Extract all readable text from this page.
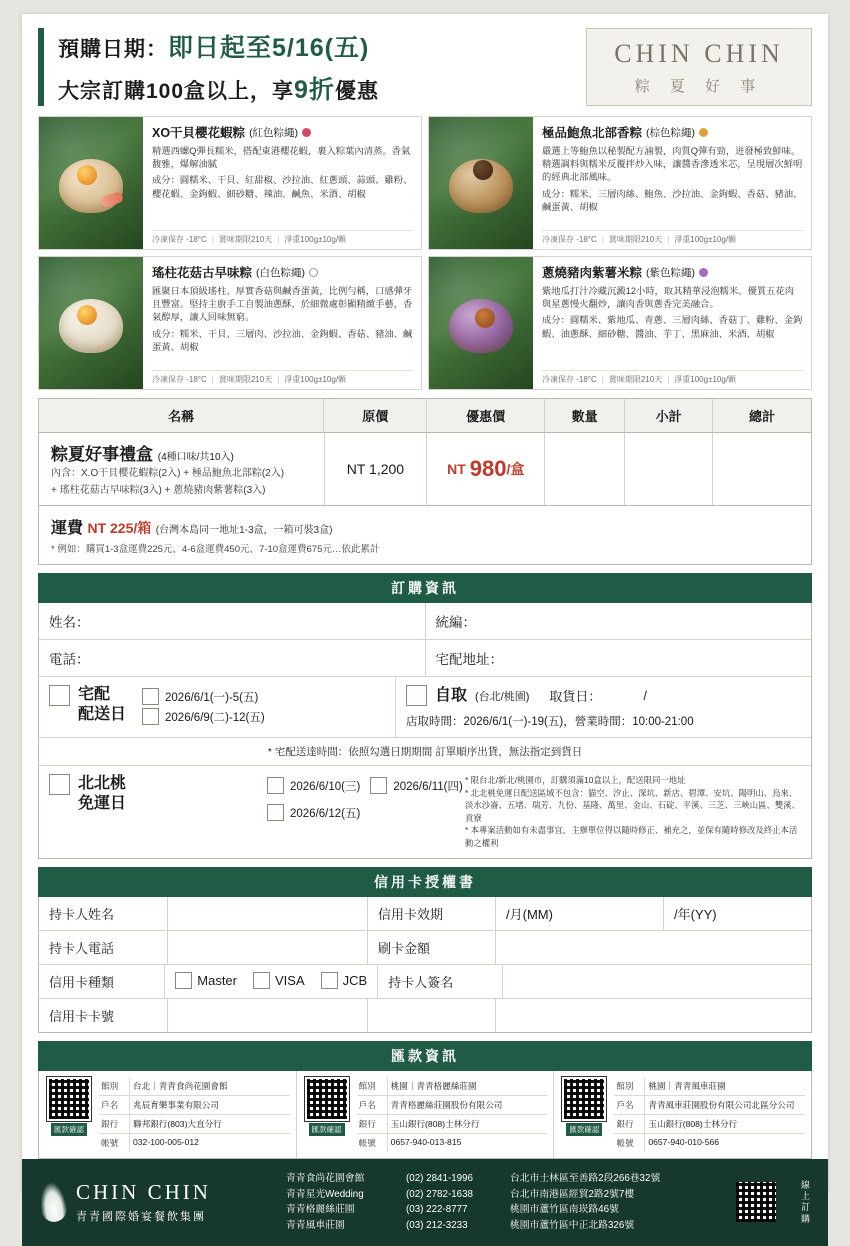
預購日期：即日起至5/16(五)
大宗訂購100盒以上，享9折優惠
CHIN CHIN
粽 夏 好 事
XO干貝櫻花蝦粽 (紅色粽繩)
精選西螺Q彈長糯米，搭配東港櫻花蝦，裹入粽葉內清蒸。香氣馥雅，爆解油膩
成分：圓糯米、干貝、紅甜椒、沙拉油、紅蔥頭、蒜頭、雞粉、櫻花蝦、金鉤蝦、細砂糖、辣油、鹹魚、米酒、胡椒
冷凍保存 -18°C | 賞味期限210天 | 淨重100g±10g/顆
極品鮑魚北部香粽 (棕色粽繩)
嚴選上等鮑魚以秘製配方滷製，肉質Q彈有勁，迸發極致鮮味。精選調料與糯米反覆拌炒入味，讓醬香滲透米芯，呈現層次鮮明的經典北部風味。
成分：糯米、三層肉絲、鮑魚、沙拉油、金鉤蝦、香菇、豬油、鹹蛋黃、胡椒
冷凍保存 -18°C | 賞味期限210天 | 淨重100g±10g/顆
瑤柱花菇古早味粽 (白色粽繩)
匯聚日本頂級瑤柱、厚實香菇與鹹香蛋黃，比例勻稱，口感彈牙且豐富。堅持主廚手工自製油蔥酥，於細微處彰顯精緻手藝，香氣醇厚，讓人回味無窮。
成分：糯米、干貝、三層肉、沙拉油、金鉤蝦、香菇、豬油、鹹蛋黃、胡椒
冷凍保存 -18°C | 賞味期限210天 | 淨重100g±10g/顆
蔥燒豬肉紫薯米粽 (紫色粽繩)
紫地瓜打汁冷藏沉澱12小時，取其精華浸泡糯米。優質五花肉與星蔥慢火翻炒，讓肉香與蔥香完美融合。
成分：圓糯米、紫地瓜、青蔥、三層肉絲、香菇丁、雞粉、金鉤蝦、油蔥酥、細砂糖、醬油、芋丁、黑麻油、米酒、胡椒
冷凍保存 -18°C | 賞味期限210天 | 淨重100g±10g/顆
名稱	原價	優惠價	數量	小計	總計
粽夏好事禮盒 (4種口味/共10入)
內含：X.O干貝櫻花蝦粽(2入) + 極品鮑魚北部粽(2入)
+ 瑤柱花菇古早味粽(3入) + 蔥燒豬肉紫薯粽(3入)
NT 1,200	NT
980 /盒
運費 NT 225/箱 (台灣本島同一地址1-3盒，一箱可裝3盒)
* 例如：購買1-3盒運費225元、4-6盒運費450元、7-10盒運費675元…依此累計
訂購資訊
姓名：	統編：
電話：	宅配地址：
宅配
配送日
2026/6/1(一)-5(五)
2026/6/9(二)-12(五)
自取 (台北/桃園) 取貨日：	/
店取時間：2026/6/1(一)-19(五)，營業時間：10:00-21:00
* 宅配送達時間：依照勾選日期期間 訂單順序出貨，無法指定到貨日
北北桃
免運日
2026/6/10(三)	2026/6/11(四)
2026/6/12(五)
* 限台北/新北/桃園市，訂購須滿10盒以上，配送限同一地址
* 北北桃免運日配送區域不包含：貓空、汐止、深坑、新店、碧潭、安坑、陽明山、烏來、淡水沙崙、五堵、瑞芳、九份、基隆、萬里、金山、石碇、平溪、三芝、三峽山區、雙溪、貢寮
* 本專案活動如有未盡事宜，主辦單位得以隨時修正、補充之，並保有隨時修改及終止本活動之權利
信用卡授權書
持卡人姓名	信用卡效期	/月(MM)	/年(YY)
持卡人電話	刷卡金額
信用卡種類	Master	VISA	JCB	持卡人簽名
信用卡卡號
匯款資訊
匯款確認
館別	台北｜青青食尚花園會館
戶名	兆辰育樂事業有限公司
銀行	聯邦銀行(803)大直分行
帳號	032-100-005-012
匯款確認
館別	桃園｜青青格麗絲莊園
戶名	青青格麗絲莊園股份有限公司
銀行	玉山銀行(808)士林分行
帳號	0657-940-013-815
匯款確認
館別	桃園｜青青風車莊園
戶名	青青風車莊園股份有限公司北區分公司
銀行	玉山銀行(808)士林分行
帳號	0657-940-010-566
CHIN CHIN
青青國際婚宴餐飲集團
青青食尚花園會館	(02) 2841-1996	台北市士林區至善路2段266巷32號
青青星光Wedding	(02) 2782-1638	台北市南港區經貿2路2號7樓
青青格麗絲莊園	(03) 222-8777	桃園市蘆竹區南崁路46號
青青風車莊園	(03) 212-3233	桃園市蘆竹區中正北路326號
線
上
訂
購
